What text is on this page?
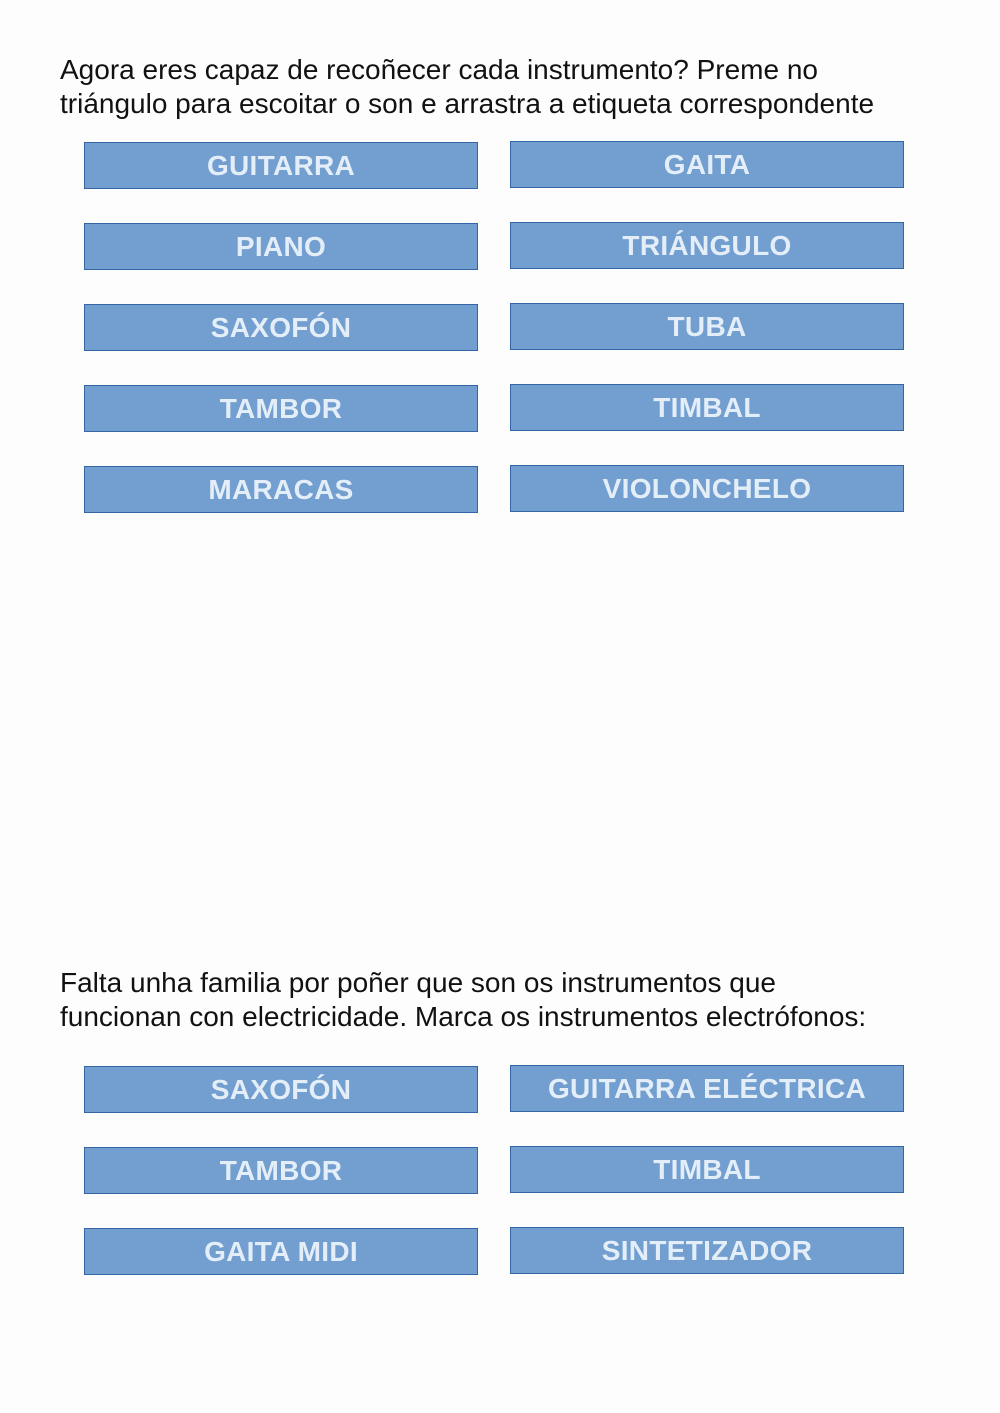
Agora eres capaz de recoñecer cada instrumento? Preme no
triángulo para escoitar o son e arrastra a etiqueta correspondente
GUITARRA	GAITA
PIANO	TRIÁNGULO
SAXOFÓN	TUBA
TAMBOR	TIMBAL
MARACAS	VIOLONCHELO
Falta unha familia por poñer que son os instrumentos que
funcionan con electricidade. Marca os instrumentos electrófonos:
SAXOFÓN	GUITARRA ELÉCTRICA
TAMBOR	TIMBAL
GAITA MIDI	SINTETIZADOR
